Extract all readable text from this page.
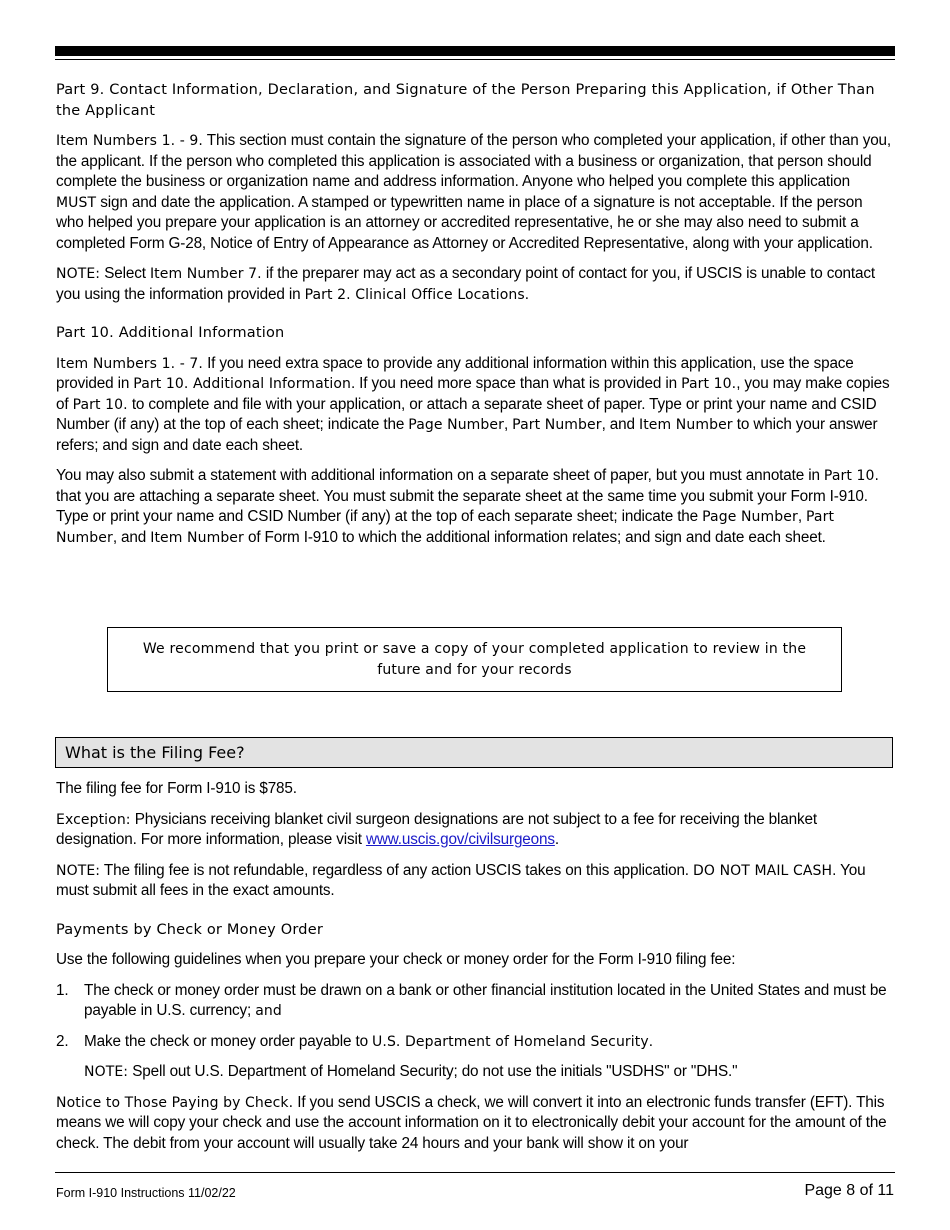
Part 9. Contact Information, Declaration, and Signature of the Person Preparing this Application, if Other Than the Applicant

Item Numbers 1. - 9. This section must contain the signature of the person who completed your application, if other than you, the applicant. If the person who completed this application is associated with a business or organization, that person should complete the business or organization name and address information. Anyone who helped you complete this application MUST sign and date the application. A stamped or typewritten name in place of a signature is not acceptable. If the person who helped you prepare your application is an attorney or accredited representative, he or she may also need to submit a completed Form G-28, Notice of Entry of Appearance as Attorney or Accredited Representative, along with your application.

NOTE: Select Item Number 7. if the preparer may act as a secondary point of contact for you, if USCIS is unable to contact you using the information provided in Part 2. Clinical Office Locations.

Part 10. Additional Information

Item Numbers 1. - 7. If you need extra space to provide any additional information within this application, use the space provided in Part 10. Additional Information. If you need more space than what is provided in Part 10., you may make copies of Part 10. to complete and file with your application, or attach a separate sheet of paper. Type or print your name and CSID Number (if any) at the top of each sheet; indicate the Page Number, Part Number, and Item Number to which your answer refers; and sign and date each sheet.

You may also submit a statement with additional information on a separate sheet of paper, but you must annotate in Part 10. that you are attaching a separate sheet. You must submit the separate sheet at the same time you submit your Form I-910. Type or print your name and CSID Number (if any) at the top of each separate sheet; indicate the Page Number, Part Number, and Item Number of Form I-910 to which the additional information relates; and sign and date each sheet.

We recommend that you print or save a copy of your completed application to review in the future and for your records
What is the Filing Fee?

The filing fee for Form I-910 is $785.

Exception: Physicians receiving blanket civil surgeon designations are not subject to a fee for receiving the blanket designation. For more information, please visit www.uscis.gov/civilsurgeons.

NOTE: The filing fee is not refundable, regardless of any action USCIS takes on this application. DO NOT MAIL CASH. You must submit all fees in the exact amounts.

Payments by Check or Money Order

Use the following guidelines when you prepare your check or money order for the Form I-910 filing fee:

1.	The check or money order must be drawn on a bank or other financial institution located in the United States and must be payable in U.S. currency; and
2.	Make the check or money order payable to U.S. Department of Homeland Security.

NOTE: Spell out U.S. Department of Homeland Security; do not use the initials "USDHS" or "DHS."

Notice to Those Paying by Check. If you send USCIS a check, we will convert it into an electronic funds transfer (EFT). This means we will copy your check and use the account information on it to electronically debit your account for the amount of the check. The debit from your account will usually take 24 hours and your bank will show it on your

Form I-910 Instructions 11/02/22	Page 8 of 11
